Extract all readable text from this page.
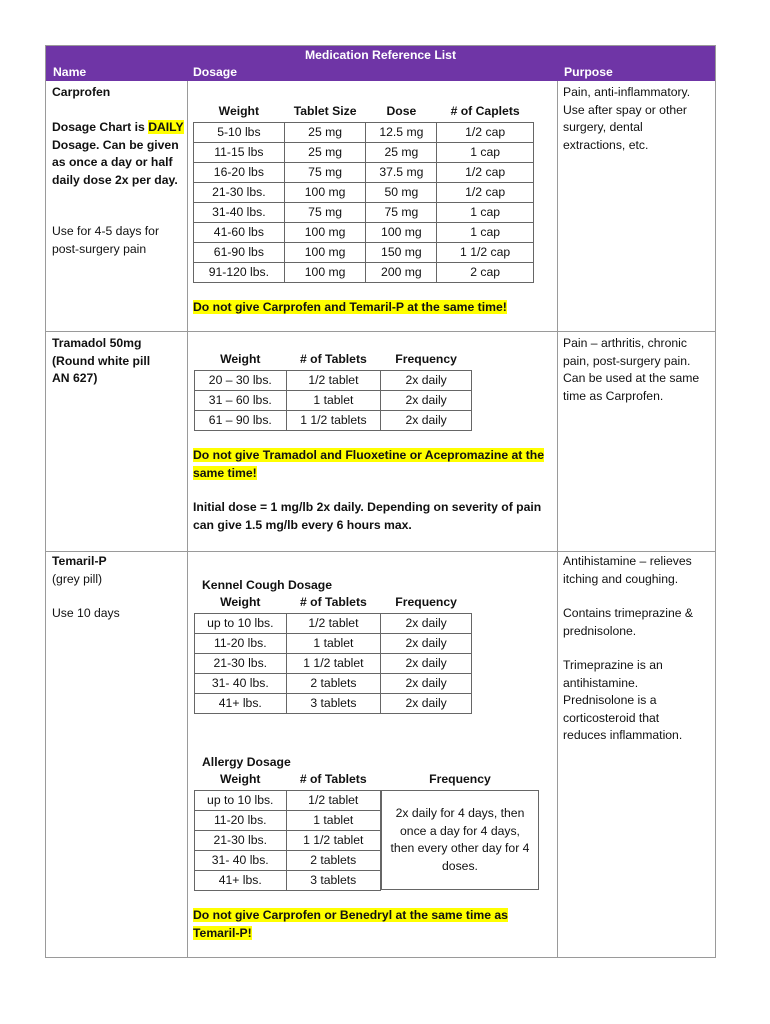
Medication Reference List
Name	Dosage	Purpose
Carprofen
Dosage Chart is DAILY
Dosage. Can be given
as once a day or half
daily dose 2x per day.
Use for 4-5 days for
post-surgery pain
Weight	Tablet Size	Dose	# of Caplets
5-10 lbs	25 mg	12.5 mg	1/2 cap
11-15 lbs	25 mg	25 mg	1 cap
16-20 lbs	75 mg	37.5 mg	1/2 cap
21-30 lbs.	100 mg	50 mg	1/2 cap
31-40 lbs.	75 mg	75 mg	1 cap
41-60 lbs	100 mg	100 mg	1 cap
61-90 lbs	100 mg	150 mg	1 1/2 cap
91-120 lbs.	100 mg	200 mg	2 cap
Do not give Carprofen and Temaril-P at the same time!
Pain, anti-inflammatory.
Use after spay or other
surgery, dental
extractions, etc.
Tramadol 50mg
(Round white pill
AN 627)
Weight	# of Tablets	Frequency
20 – 30 lbs.	1/2 tablet	2x daily
31 – 60 lbs.	1 tablet	2x daily
61 – 90 lbs.	1 1/2 tablets	2x daily
Do not give Tramadol and Fluoxetine or Acepromazine at the
same time!
Initial dose = 1 mg/lb 2x daily. Depending on severity of pain
can give 1.5 mg/lb every 6 hours max.
Pain – arthritis, chronic
pain, post-surgery pain.
Can be used at the same
time as Carprofen.
Temaril-P
(grey pill)
Use 10 days
Kennel Cough Dosage
Weight	# of Tablets	Frequency
up to 10 lbs.	1/2 tablet	2x daily
11-20 lbs.	1 tablet	2x daily
21-30 lbs.	1 1/2 tablet	2x daily
31- 40 lbs.	2 tablets	2x daily
41+ lbs.	3 tablets	2x daily
Allergy Dosage
Weight	# of Tablets
up to 10 lbs.	1/2 tablet
11-20 lbs.	1 tablet
21-30 lbs.	1 1/2 tablet
31- 40 lbs.	2 tablets
41+ lbs.	3 tablets
Frequency
2x daily for 4 days, then once a day for 4 days, then every other day for 4 doses.
Do not give Carprofen or Benedryl at the same time as
Temaril-P!
Antihistamine – relieves
itching and coughing.
Contains trimeprazine &
prednisolone.
Trimeprazine is an
antihistamine.
Prednisolone is a
corticosteroid that
reduces inflammation.
